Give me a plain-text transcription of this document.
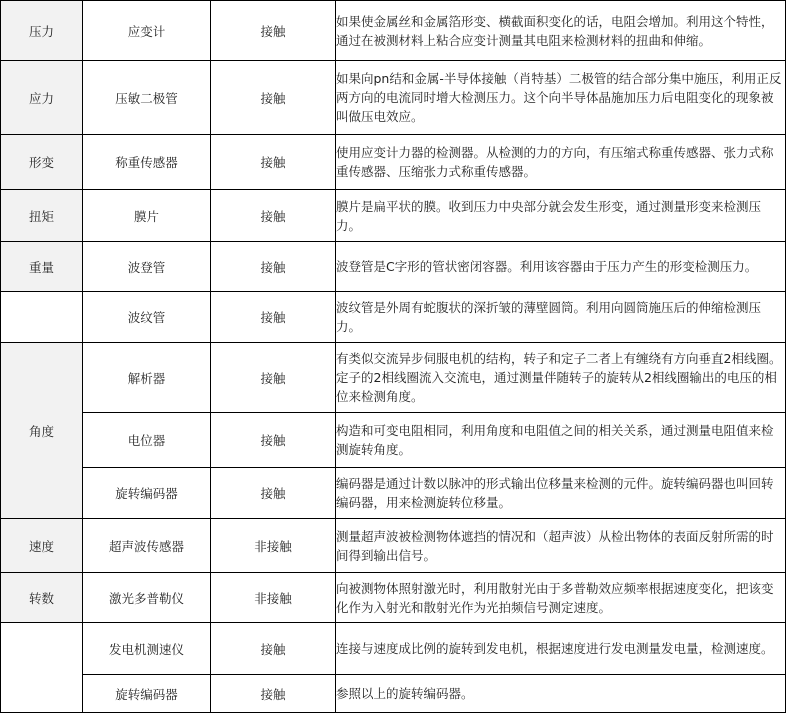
压力	应变计	接触	如果使金属丝和金属箔形变、横截面积变化的话，电阻会增加。利用这个特性，通过在被测材料上粘合应变计测量其电阻来检测材料的扭曲和伸缩。

应力	压敏二极管	接触	如果向pn结和金属-半导体接触（肖特基）二极管的结合部分集中施压，利用正反两方向的电流同时增大检测压力。这个向半导体晶施加压力后电阻变化的现象被叫做压电效应。

形变	称重传感器	接触	使用应变计力器的检测器。从检测的力的方向，有压缩式称重传感器、张力式称重传感器、压缩张力式称重传感器。

扭矩	膜片	接触	膜片是扁平状的膜。收到压力中央部分就会发生形变，通过测量形变来检测压力。

重量	波登管	接触	波登管是C字形的管状密闭容器。利用该容器由于压力产生的形变检测压力。
	波纹管	接触	波纹管是外周有蛇腹状的深折皱的薄壁圆筒。利用向圆筒施压后的伸缩检测压力。

角度	解析器	接触	有类似交流异步伺服电机的结构，转子和定子二者上有缠绕有方向垂直2相线圈。定子的2相线圈流入交流电，通过测量伴随转子的旋转从2相线圈输出的电压的相位来检测角度。
	电位器	接触	构造和可变电阻相同，利用角度和电阻值之间的相关关系，通过测量电阻值来检测旋转角度。
	旋转编码器	接触	编码器是通过计数以脉冲的形式输出位移量来检测的元件。旋转编码器也叫回转编码器，用来检测旋转位移量。

速度	超声波传感器	非接触	测量超声波被检测物体遮挡的情况和（超声波）从检出物体的表面反射所需的时间得到输出信号。

转数	激光多普勒仪	非接触	向被测物体照射激光时，利用散射光由于多普勒效应频率根据速度变化，把该变化作为入射光和散射光作为光拍频信号测定速度。
	发电机测速仪	接触	连接与速度成比例的旋转到发电机，根据速度进行发电测量发电量，检测速度。
	旋转编码器	接触	参照以上的旋转编码器。
